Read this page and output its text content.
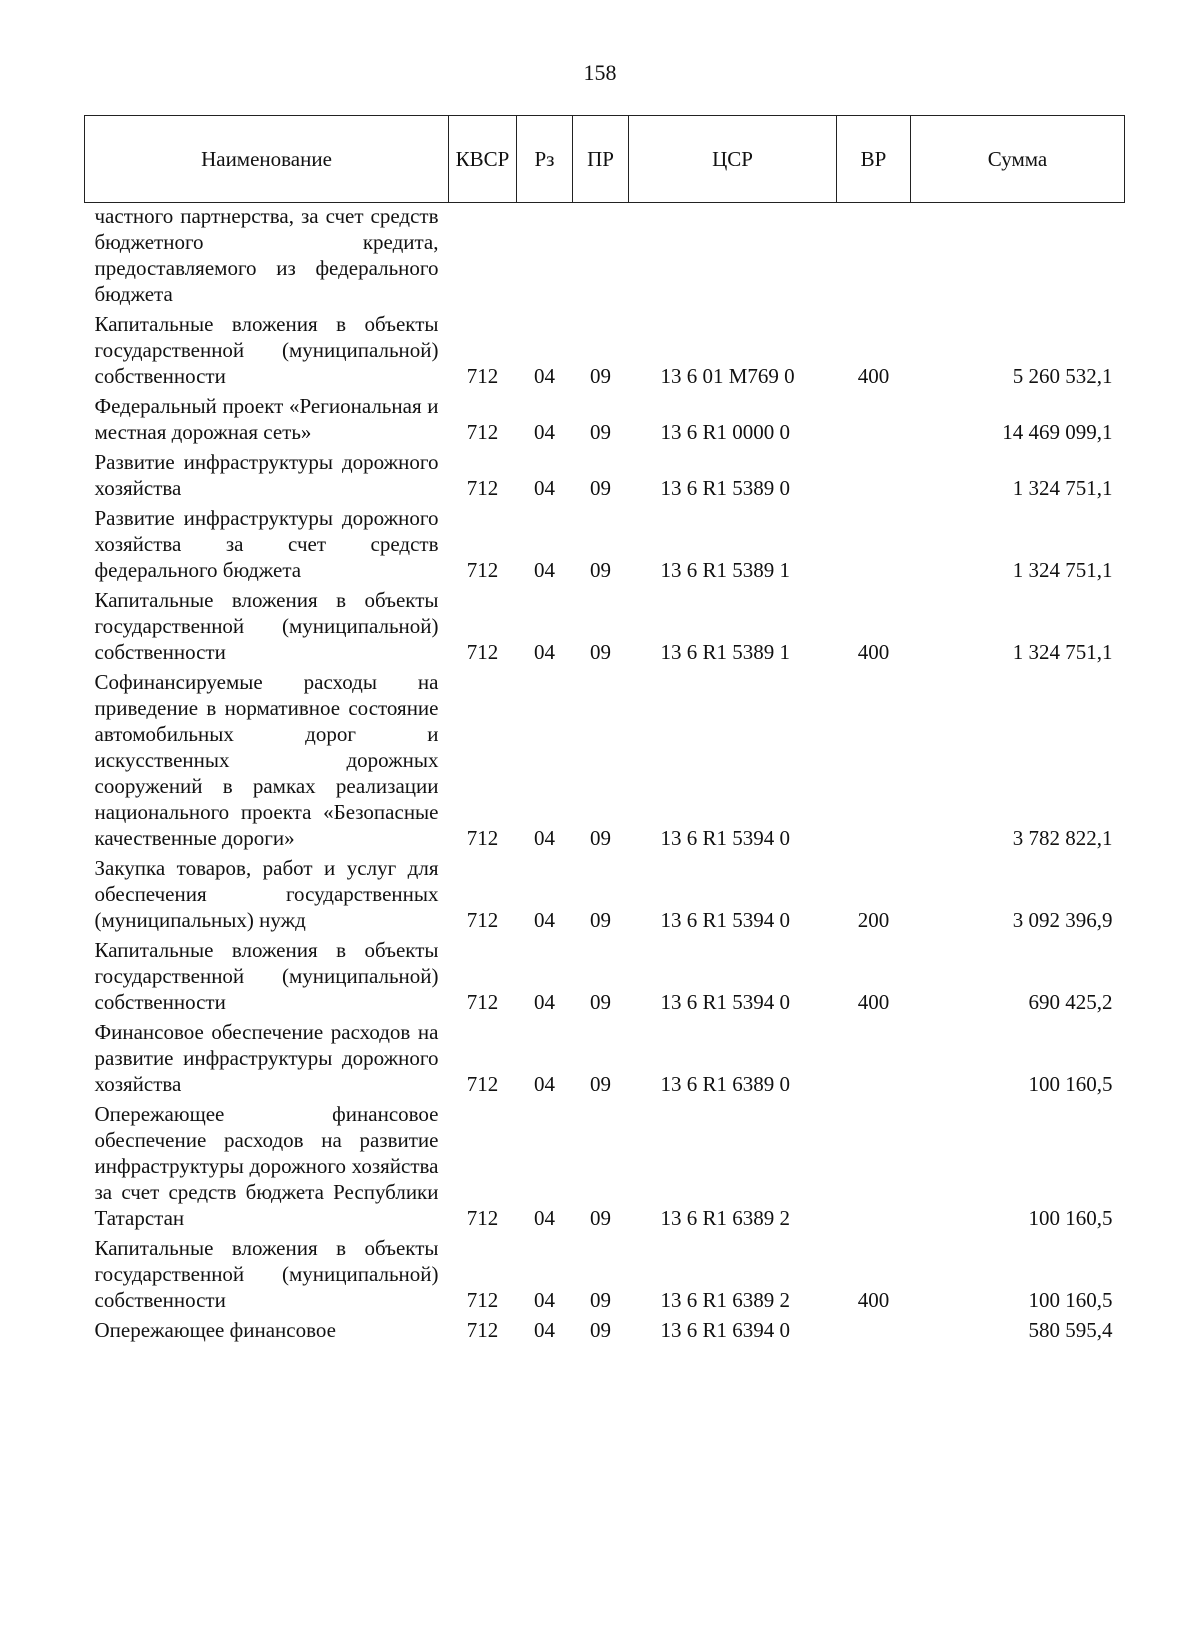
158
Наименование	КВСР	Рз	ПР	ЦСР	ВР	Сумма
частного партнерства, за счет средств бюджетного кредита, предоставляемого из федерального бюджета						
Капитальные вложения в объекты государственной (муниципальной) собственности	712	04	09	13 6 01 M769 0	400	5 260 532,1
Федеральный проект «Региональная и местная дорожная сеть»	712	04	09	13 6 R1 0000 0		14 469 099,1
Развитие инфраструктуры дорожного хозяйства	712	04	09	13 6 R1 5389 0		1 324 751,1
Развитие инфраструктуры дорожного хозяйства за счет средств федерального бюджета	712	04	09	13 6 R1 5389 1		1 324 751,1
Капитальные вложения в объекты государственной (муниципальной) собственности	712	04	09	13 6 R1 5389 1	400	1 324 751,1
Софинансируемые расходы на приведение в нормативное состояние автомобильных дорог и искусственных дорожных сооружений в рамках реализации национального проекта «Безопасные качественные дороги»	712	04	09	13 6 R1 5394 0		3 782 822,1
Закупка товаров, работ и услуг для обеспечения государственных (муниципальных) нужд	712	04	09	13 6 R1 5394 0	200	3 092 396,9
Капитальные вложения в объекты государственной (муниципальной) собственности	712	04	09	13 6 R1 5394 0	400	690 425,2
Финансовое обеспечение расходов на развитие инфраструктуры дорожного хозяйства	712	04	09	13 6 R1 6389 0		100 160,5
Опережающее финансовое обеспечение расходов на развитие инфраструктуры дорожного хозяйства за счет средств бюджета Республики Татарстан	712	04	09	13 6 R1 6389 2		100 160,5
Капитальные вложения в объекты государственной (муниципальной) собственности	712	04	09	13 6 R1 6389 2	400	100 160,5
Опережающее финансовое	712	04	09	13 6 R1 6394 0		580 595,4
